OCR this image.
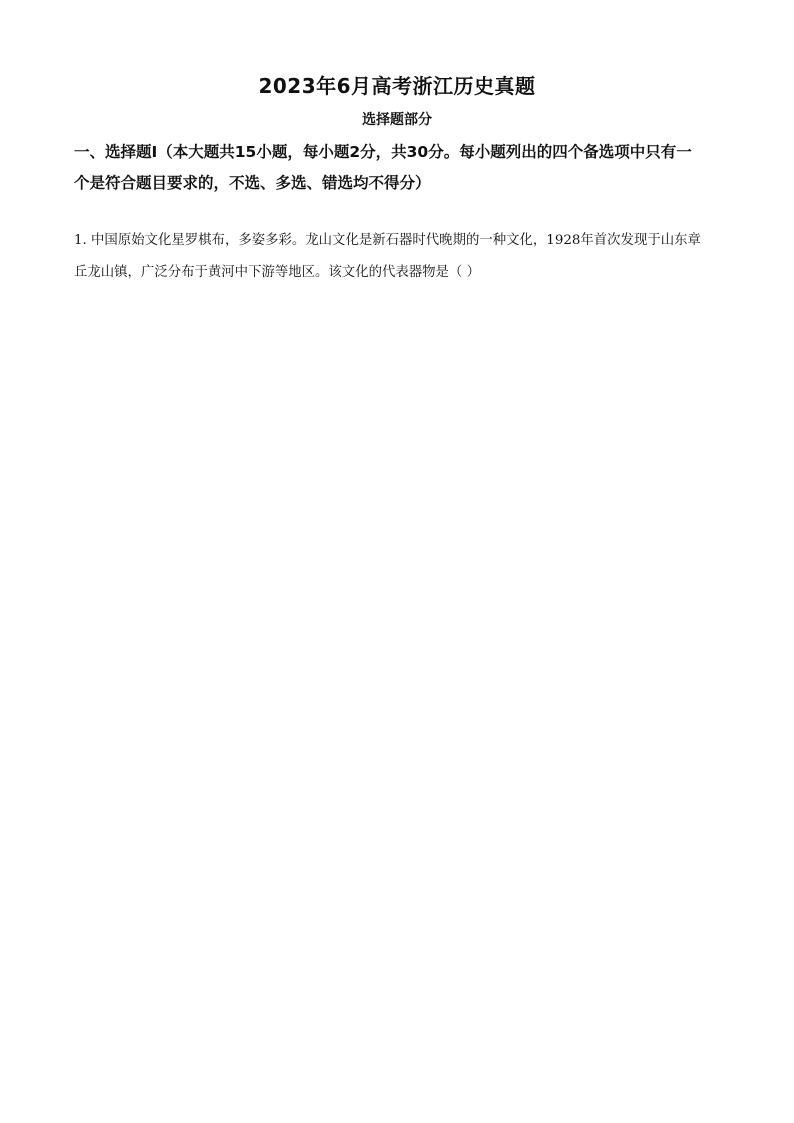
2023年6月高考浙江历史真题
选择题部分
一、选择题Ⅰ（本大题共15小题，每小题2分，共30分。每小题列出的四个备选项中只有一
个是符合题目要求的，不选、多选、错选均不得分）
1. 中国原始文化星罗棋布，多姿多彩。龙山文化是新石器时代晚期的一种文化，1928年首次发现于山东章
丘龙山镇，广泛分布于黄河中下游等地区。该文化的代表器物是（ ）
